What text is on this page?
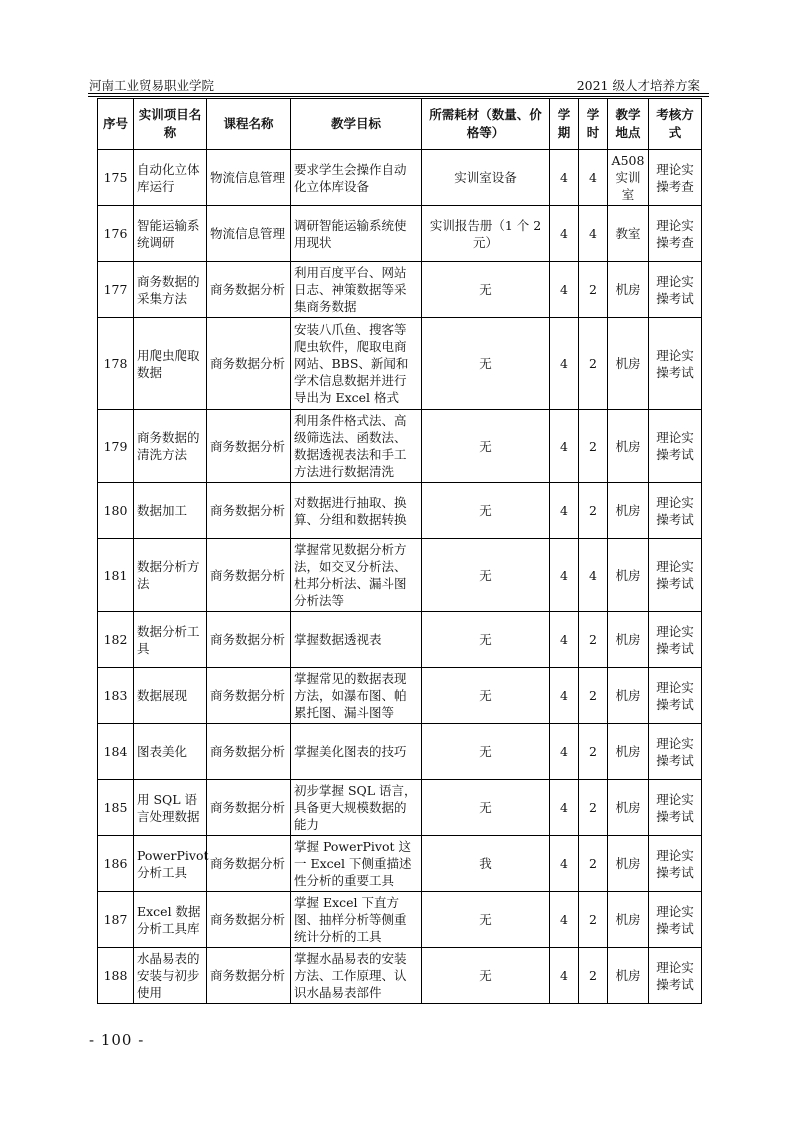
河南工业贸易职业学院	2021 级人才培养方案
序号	实训项目名称	课程名称	教学目标	所需耗材（数量、价格等）	学期	学时	教学地点	考核方式
175	自动化立体库运行	物流信息管理	要求学生会操作自动化立体库设备	实训室设备	4	4	A508 实训室	理论实操考查
176	智能运输系统调研	物流信息管理	调研智能运输系统使用现状	实训报告册（1 个 2 元）	4	4	教室	理论实操考查
177	商务数据的采集方法	商务数据分析	利用百度平台、网站日志、神策数据等采集商务数据	无	4	2	机房	理论实操考试
178	用爬虫爬取数据	商务数据分析	安装八爪鱼、搜客等爬虫软件，爬取电商网站、BBS、新闻和学术信息数据并进行导出为 Excel 格式	无	4	2	机房	理论实操考试
179	商务数据的清洗方法	商务数据分析	利用条件格式法、高级筛选法、函数法、数据透视表法和手工方法进行数据清洗	无	4	2	机房	理论实操考试
180	数据加工	商务数据分析	对数据进行抽取、换算、分组和数据转换	无	4	2	机房	理论实操考试
181	数据分析方法	商务数据分析	掌握常见数据分析方法，如交叉分析法、杜邦分析法、漏斗图分析法等	无	4	4	机房	理论实操考试
182	数据分析工具	商务数据分析	掌握数据透视表	无	4	2	机房	理论实操考试
183	数据展现	商务数据分析	掌握常见的数据表现方法，如瀑布图、帕累托图、漏斗图等	无	4	2	机房	理论实操考试
184	图表美化	商务数据分析	掌握美化图表的技巧	无	4	2	机房	理论实操考试
185	用 SQL 语言处理数据	商务数据分析	初步掌握 SQL 语言，具备更大规模数据的能力	无	4	2	机房	理论实操考试
186	PowerPivot 分析工具	商务数据分析	掌握 PowerPivot 这一 Excel 下侧重描述性分析的重要工具	我	4	2	机房	理论实操考试
187	Excel 数据分析工具库	商务数据分析	掌握 Excel 下直方图、抽样分析等侧重统计分析的工具	无	4	2	机房	理论实操考试
188	水晶易表的安装与初步使用	商务数据分析	掌握水晶易表的安装方法、工作原理、认识水晶易表部件	无	4	2	机房	理论实操考试
- 100 -
